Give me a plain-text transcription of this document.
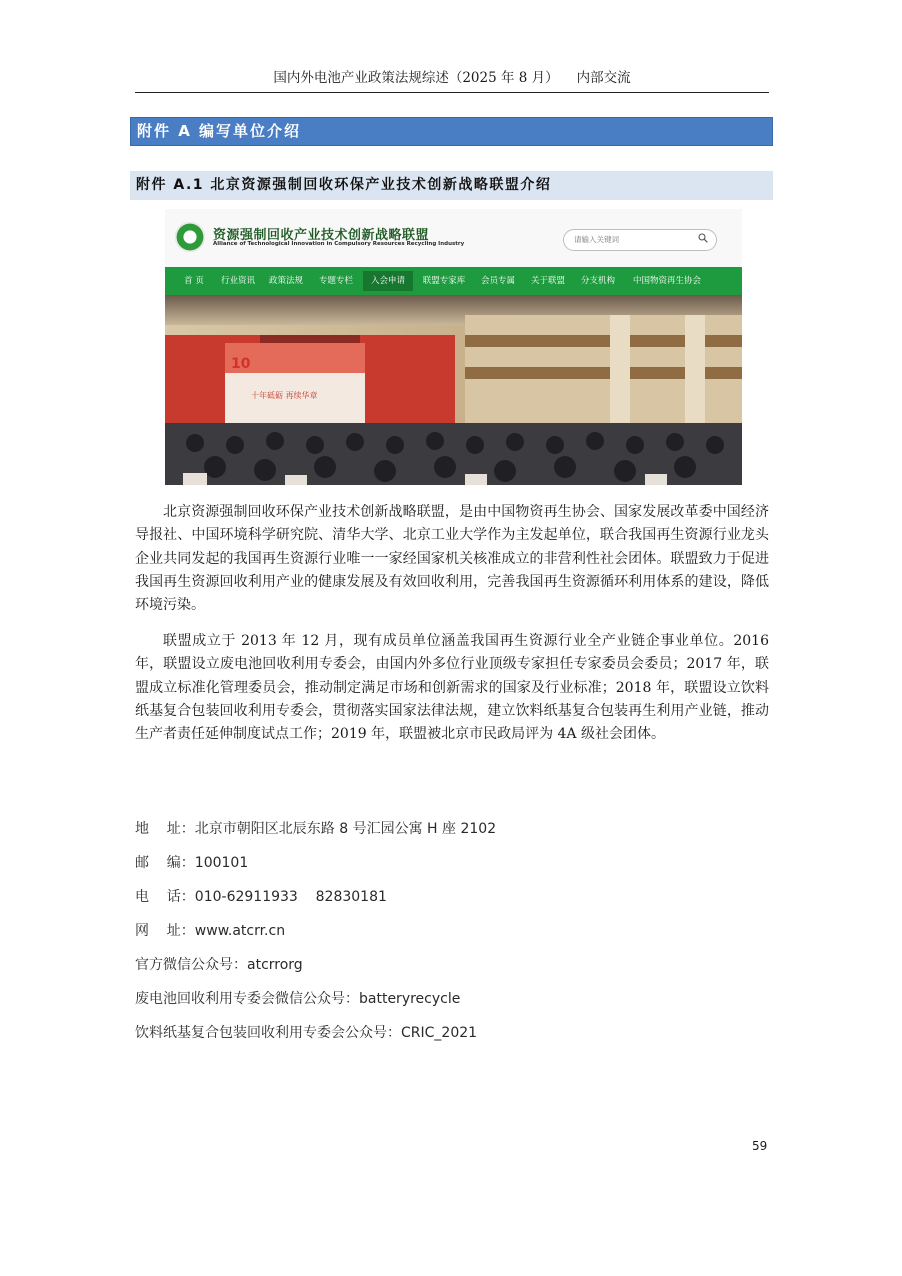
国内外电池产业政策法规综述（2025 年 8 月） 内部交流
附件 A 编写单位介绍
附件 A.1 北京资源强制回收环保产业技术创新战略联盟介绍
资源强制回收产业技术创新战略联盟
Alliance of Technological Innovation in Compulsory Resources Recycling Industry	请输入关键词
首 页	行业资讯	政策法规	专题专栏	入会申请	联盟专家库	会员专属	关于联盟	分支机构	中国物资再生协会
10
十年砥砺 再续华章

北京资源强制回收环保产业技术创新战略联盟，是由中国物资再生协会、国家发展改革委中国经济导报社、中国环境科学研究院、清华大学、北京工业大学作为主发起单位，联合我国再生资源行业龙头企业共同发起的我国再生资源行业唯一一家经国家机关核准成立的非营利性社会团体。联盟致力于促进我国再生资源回收利用产业的健康发展及有效回收利用，完善我国再生资源循环利用体系的建设，降低环境污染。

联盟成立于 2013 年 12 月，现有成员单位涵盖我国再生资源行业全产业链企事业单位。2016 年，联盟设立废电池回收利用专委会，由国内外多位行业顶级专家担任专家委员会委员；2017 年，联盟成立标准化管理委员会，推动制定满足市场和创新需求的国家及行业标准；2018 年，联盟设立饮料纸基复合包装回收利用专委会，贯彻落实国家法律法规，建立饮料纸基复合包装再生利用产业链，推动生产者责任延伸制度试点工作；2019 年，联盟被北京市民政局评为 4A 级社会团体。

地    址：北京市朝阳区北辰东路 8 号汇园公寓 H 座 2102
邮    编：100101
电    话：010-62911933    82830181
网    址：www.atcrr.cn
官方微信公众号：atcrrorg
废电池回收利用专委会微信公众号：batteryrecycle
饮料纸基复合包装回收利用专委会公众号：CRIC_2021
59
